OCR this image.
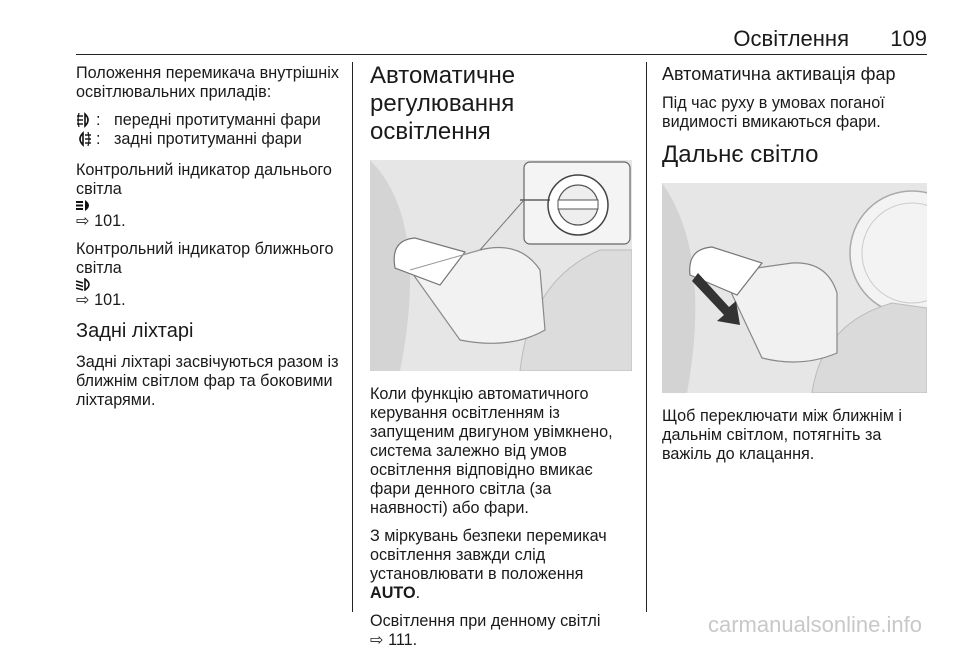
Освітлення 109

Положення перемикача внутрішніх освітлювальних приладів:

: передні протитуманні фари
: задні протитуманні фари

Контрольний індикатор дальнього світла
⇨ 101.

Контрольний індикатор ближнього світла
⇨ 101.

Задні ліхтарі

Задні ліхтарі засвічуються разом із ближнім світлом фар та боковими ліхтарями.

Автоматичне регулювання освітлення

Коли функцію автоматичного керування освітленням із запущеним двигуном увімкнено, система залежно від умов освітлення відповідно вмикає фари денного світла (за наявності) або фари.

З міркувань безпеки перемикач освітлення завжди слід установлювати в положення AUTO.

Освітлення при денному світлі
⇨ 111.

Автоматична активація фар

Під час руху в умовах поганої видимості вмикаються фари.

Дальнє світло

Щоб переключати між ближнім і дальнім світлом, потягніть за важіль до клацання.

carmanualsonline.info
